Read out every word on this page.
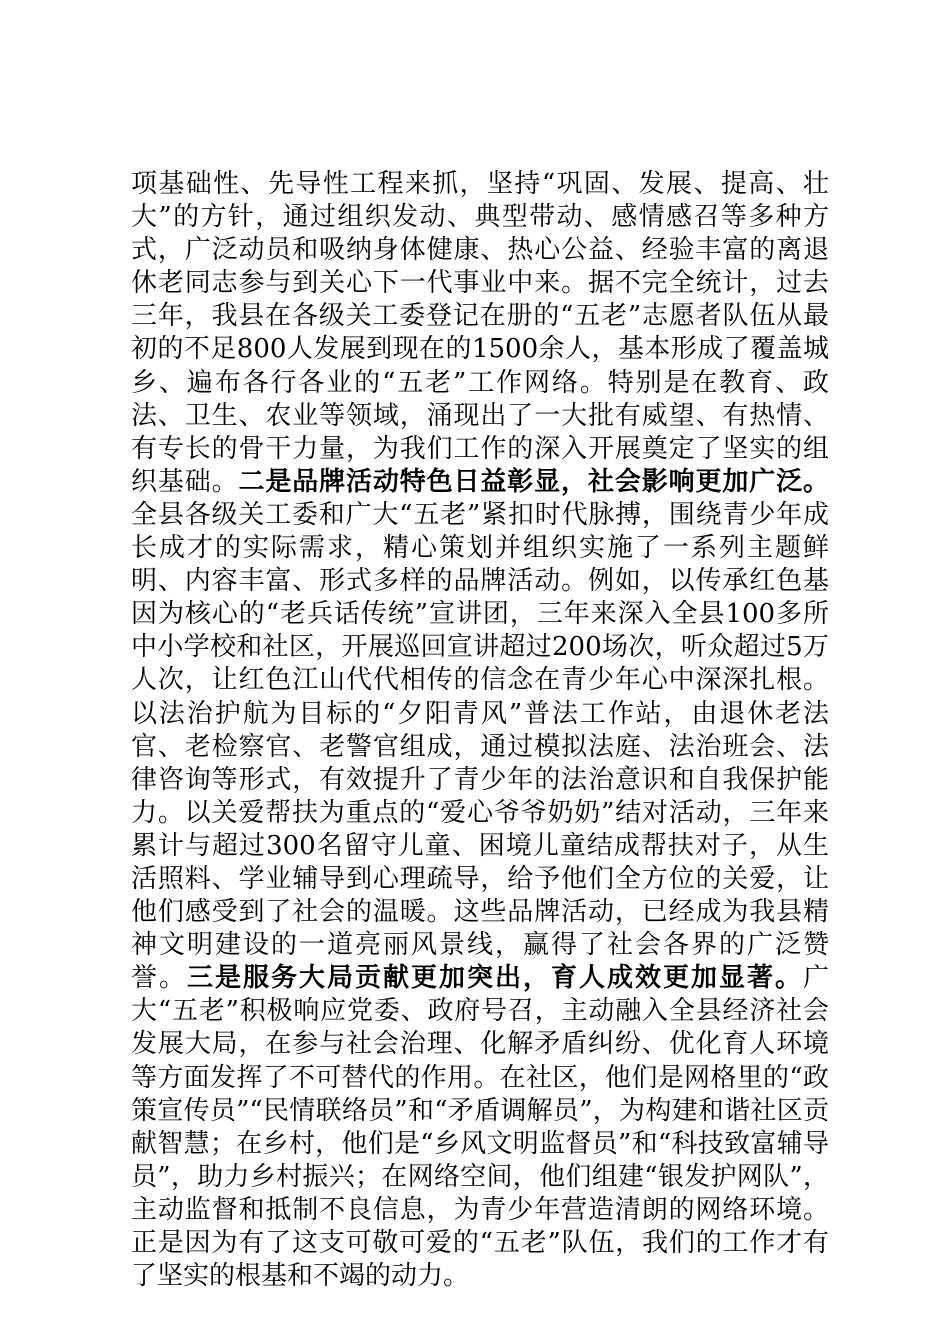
项基础性、先导性工程来抓，坚持“巩固、发展、提高、壮大”的方针，通过组织发动、典型带动、感情感召等多种方式，广泛动员和吸纳身体健康、热心公益、经验丰富的离退休老同志参与到关心下一代事业中来。据不完全统计，过去三年，我县在各级关工委登记在册的“五老”志愿者队伍从最初的不足800人发展到现在的1500余人，基本形成了覆盖城乡、遍布各行各业的“五老”工作网络。特别是在教育、政法、卫生、农业等领域，涌现出了一大批有威望、有热情、有专长的骨干力量，为我们工作的深入开展奠定了坚实的组织基础。二是品牌活动特色日益彰显，社会影响更加广泛。全县各级关工委和广大“五老”紧扣时代脉搏，围绕青少年成长成才的实际需求，精心策划并组织实施了一系列主题鲜明、内容丰富、形式多样的品牌活动。例如，以传承红色基因为核心的“老兵话传统”宣讲团，三年来深入全县100多所中小学校和社区，开展巡回宣讲超过200场次，听众超过5万人次，让红色江山代代相传的信念在青少年心中深深扎根。以法治护航为目标的“夕阳青风”普法工作站，由退休老法官、老检察官、老警官组成，通过模拟法庭、法治班会、法律咨询等形式，有效提升了青少年的法治意识和自我保护能力。以关爱帮扶为重点的“爱心爷爷奶奶”结对活动，三年来累计与超过300名留守儿童、困境儿童结成帮扶对子，从生活照料、学业辅导到心理疏导，给予他们全方位的关爱，让他们感受到了社会的温暖。这些品牌活动，已经成为我县精神文明建设的一道亮丽风景线，赢得了社会各界的广泛赞誉。三是服务大局贡献更加突出，育人成效更加显著。广大“五老”积极响应党委、政府号召，主动融入全县经济社会发展大局，在参与社会治理、化解矛盾纠纷、优化育人环境等方面发挥了不可替代的作用。在社区，他们是网格里的“政策宣传员”“民情联络员”和“矛盾调解员”，为构建和谐社区贡献智慧；在乡村，他们是“乡风文明监督员”和“科技致富辅导员”，助力乡村振兴；在网络空间，他们组建“银发护网队”，主动监督和抵制不良信息，为青少年营造清朗的网络环境。正是因为有了这支可敬可爱的“五老”队伍，我们的工作才有了坚实的根基和不竭的动力。
